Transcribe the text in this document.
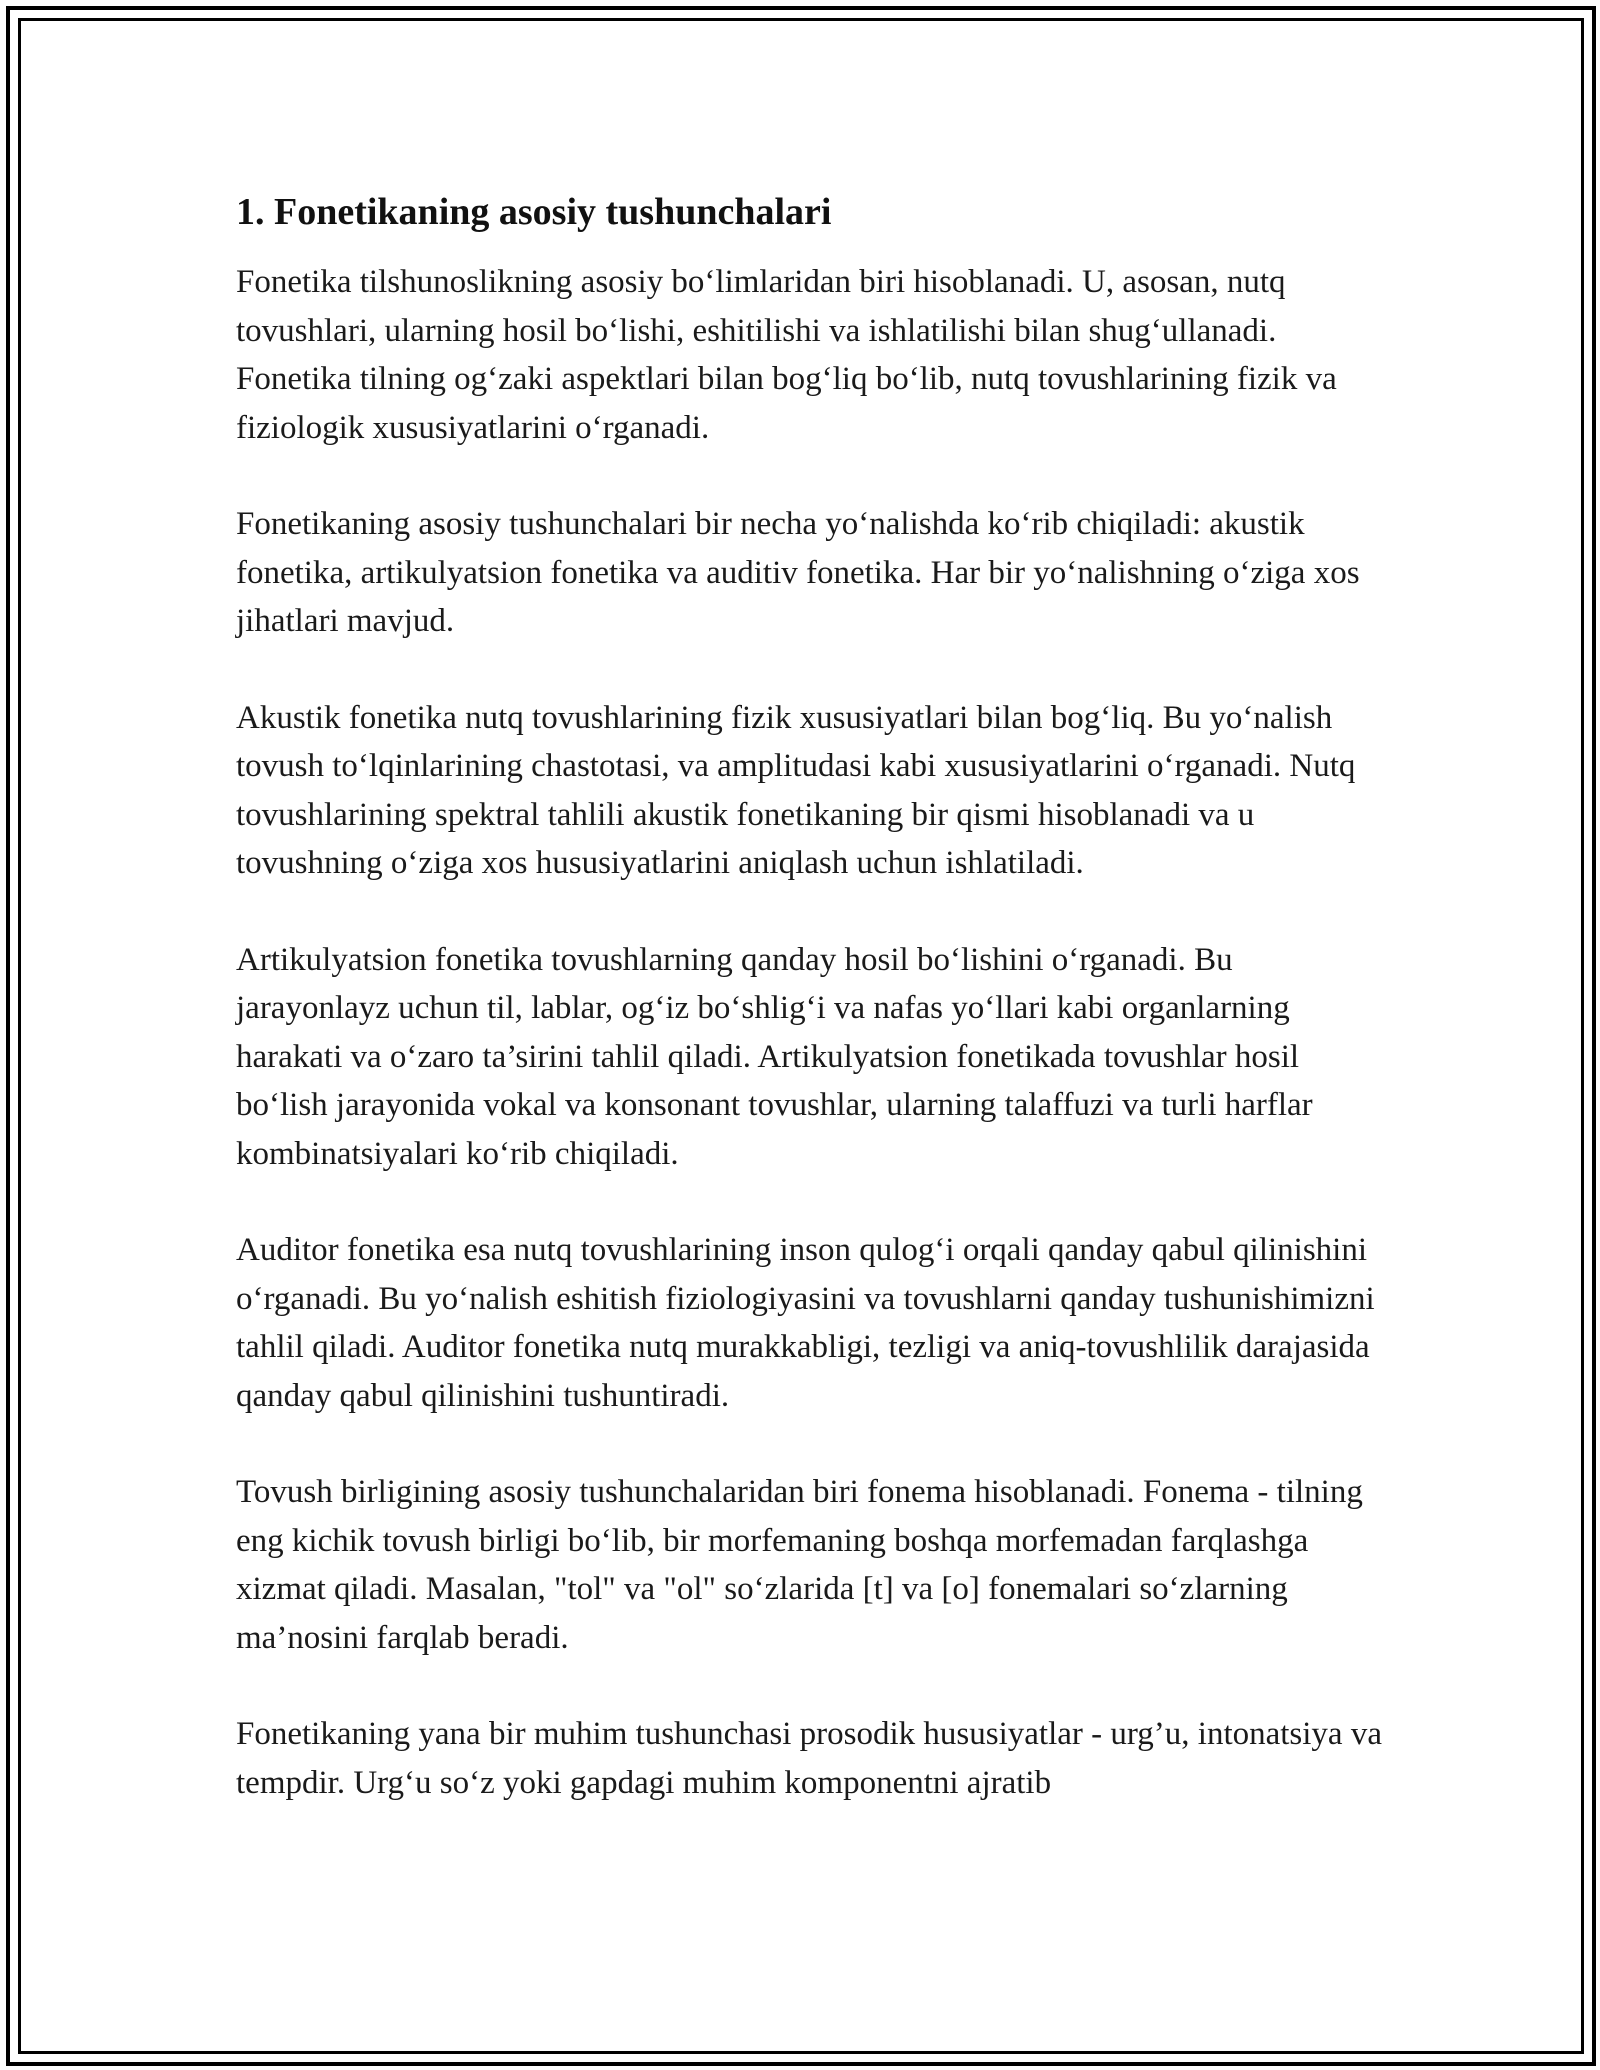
1. Fonetikaning asosiy tushunchalari

Fonetika tilshunoslikning asosiy bo‘limlaridan biri hisoblanadi. U, asosan, nutq tovushlari, ularning hosil bo‘lishi, eshitilishi va ishlatilishi bilan shug‘ullanadi. Fonetika tilning og‘zaki aspektlari bilan bog‘liq bo‘lib, nutq tovushlarining fizik va fiziologik xususiyatlarini o‘rganadi.

Fonetikaning asosiy tushunchalari bir necha yo‘nalishda ko‘rib chiqiladi: akustik fonetika, artikulyatsion fonetika va auditiv fonetika. Har bir yo‘nalishning o‘ziga xos jihatlari mavjud.

Akustik fonetika nutq tovushlarining fizik xususiyatlari bilan bog‘liq. Bu yo‘nalish tovush to‘lqinlarining chastotasi, va amplitudasi kabi xususiyatlarini o‘rganadi. Nutq tovushlarining spektral tahlili akustik fonetikaning bir qismi hisoblanadi va u tovushning o‘ziga xos hususiyatlarini aniqlash uchun ishlatiladi.

Artikulyatsion fonetika tovushlarning qanday hosil bo‘lishini o‘rganadi. Bu jarayonlayz uchun til, lablar, og‘iz bo‘shlig‘i va nafas yo‘llari kabi organlarning harakati va o‘zaro ta’sirini tahlil qiladi. Artikulyatsion fonetikada tovushlar hosil bo‘lish jarayonida vokal va konsonant tovushlar, ularning talaffuzi va turli harflar kombinatsiyalari ko‘rib chiqiladi.

Auditor fonetika esa nutq tovushlarining inson qulog‘i orqali qanday qabul qilinishini o‘rganadi. Bu yo‘nalish eshitish fiziologiyasini va tovushlarni qanday tushunishimizni tahlil qiladi. Auditor fonetika nutq murakkabligi, tezligi va aniq-tovushlilik darajasida qanday qabul qilinishini tushuntiradi.

Tovush birligining asosiy tushunchalaridan biri fonema hisoblanadi. Fonema - tilning eng kichik tovush birligi bo‘lib, bir morfemaning boshqa morfemadan farqlashga xizmat qiladi. Masalan, "tol" va "ol" so‘zlarida [t] va [o] fonemalari so‘zlarning ma’nosini farqlab beradi.

Fonetikaning yana bir muhim tushunchasi prosodik hususiyatlar - urg’u, intonatsiya va tempdir. Urg‘u so‘z yoki gapdagi muhim komponentni ajratib
